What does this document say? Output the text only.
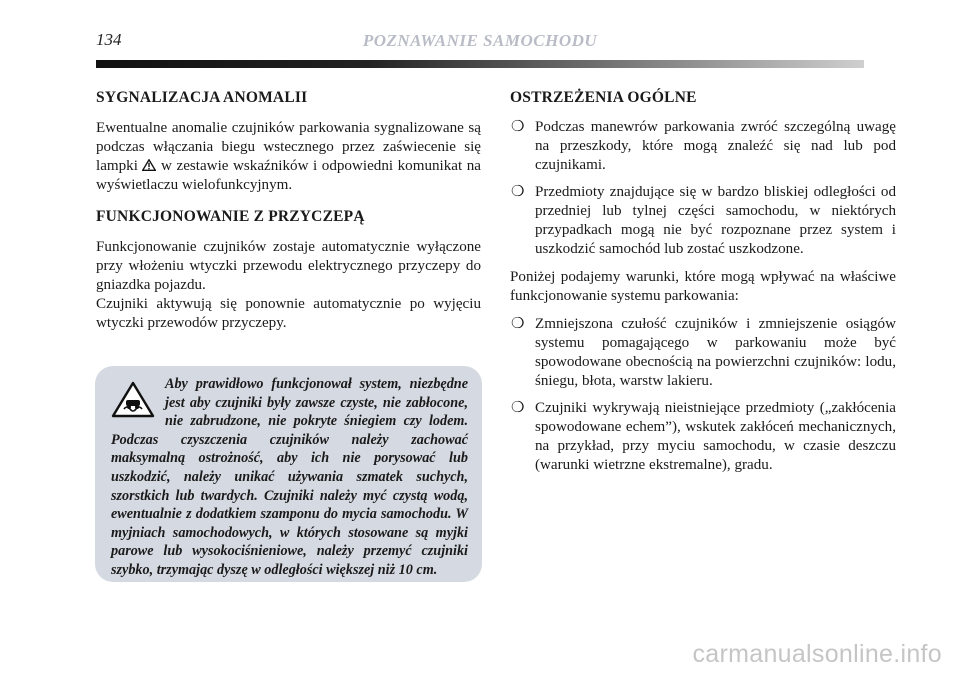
134	POZNAWANIE SAMOCHODU
SYGNALIZACJA ANOMALII

Ewentualne anomalie czujników parkowania sygnalizowane są podczas włączania biegu wstecznego przez zaświecenie się lampki w zestawie wskaźników i odpowiedni komunikat na wyświetlaczu wielofunkcyjnym.

FUNKCJONOWANIE Z PRZYCZEPĄ

Funkcjonowanie czujników zostaje automatycznie wyłączone przy włożeniu wtyczki przewodu elektrycznego przyczepy do gniazdka pojazdu.

Czujniki aktywują się ponownie automatycznie po wyjęciu wtyczki przewodów przyczepy.

Aby prawidłowo funkcjonował system, niezbędne jest aby czujniki były zawsze czyste, nie zabłocone, nie zabrudzone, nie pokryte śniegiem czy lodem. Podczas czyszczenia czujników należy zachować maksymalną ostrożność, aby ich nie porysować lub uszkodzić, należy unikać używania szmatek suchych, szorstkich lub twardych. Czujniki należy myć czystą wodą, ewentualnie z dodatkiem szamponu do mycia samochodu. W myjniach samochodowych, w których stosowane są myjki parowe lub wysokociśnieniowe, należy przemyć czujniki szybko, trzymając dyszę w odległości większej niż 10 cm.
OSTRZEŻENIA OGÓLNE
❍ Podczas manewrów parkowania zwróć szczególną uwagę na przeszkody, które mogą znaleźć się nad lub pod czujnikami.
❍ Przedmioty znajdujące się w bardzo bliskiej odległości od przedniej lub tylnej części samochodu, w niektórych przypadkach mogą nie być rozpoznane przez system i uszkodzić samochód lub zostać uszkodzone.

Poniżej podajemy warunki, które mogą wpływać na właściwe funkcjonowanie systemu parkowania:

❍ Zmniejszona czułość czujników i zmniejszenie osiągów systemu pomagającego w parkowaniu może być spowodowane obecnością na powierzchni czujników: lodu, śniegu, błota, warstw lakieru.
❍ Czujniki wykrywają nieistniejące przedmioty („zakłócenia spowodowane echem”), wskutek zakłóceń mechanicznych, na przykład, przy myciu samochodu, w czasie deszczu (warunki wietrzne ekstremalne), gradu.
carmanualsonline.info
